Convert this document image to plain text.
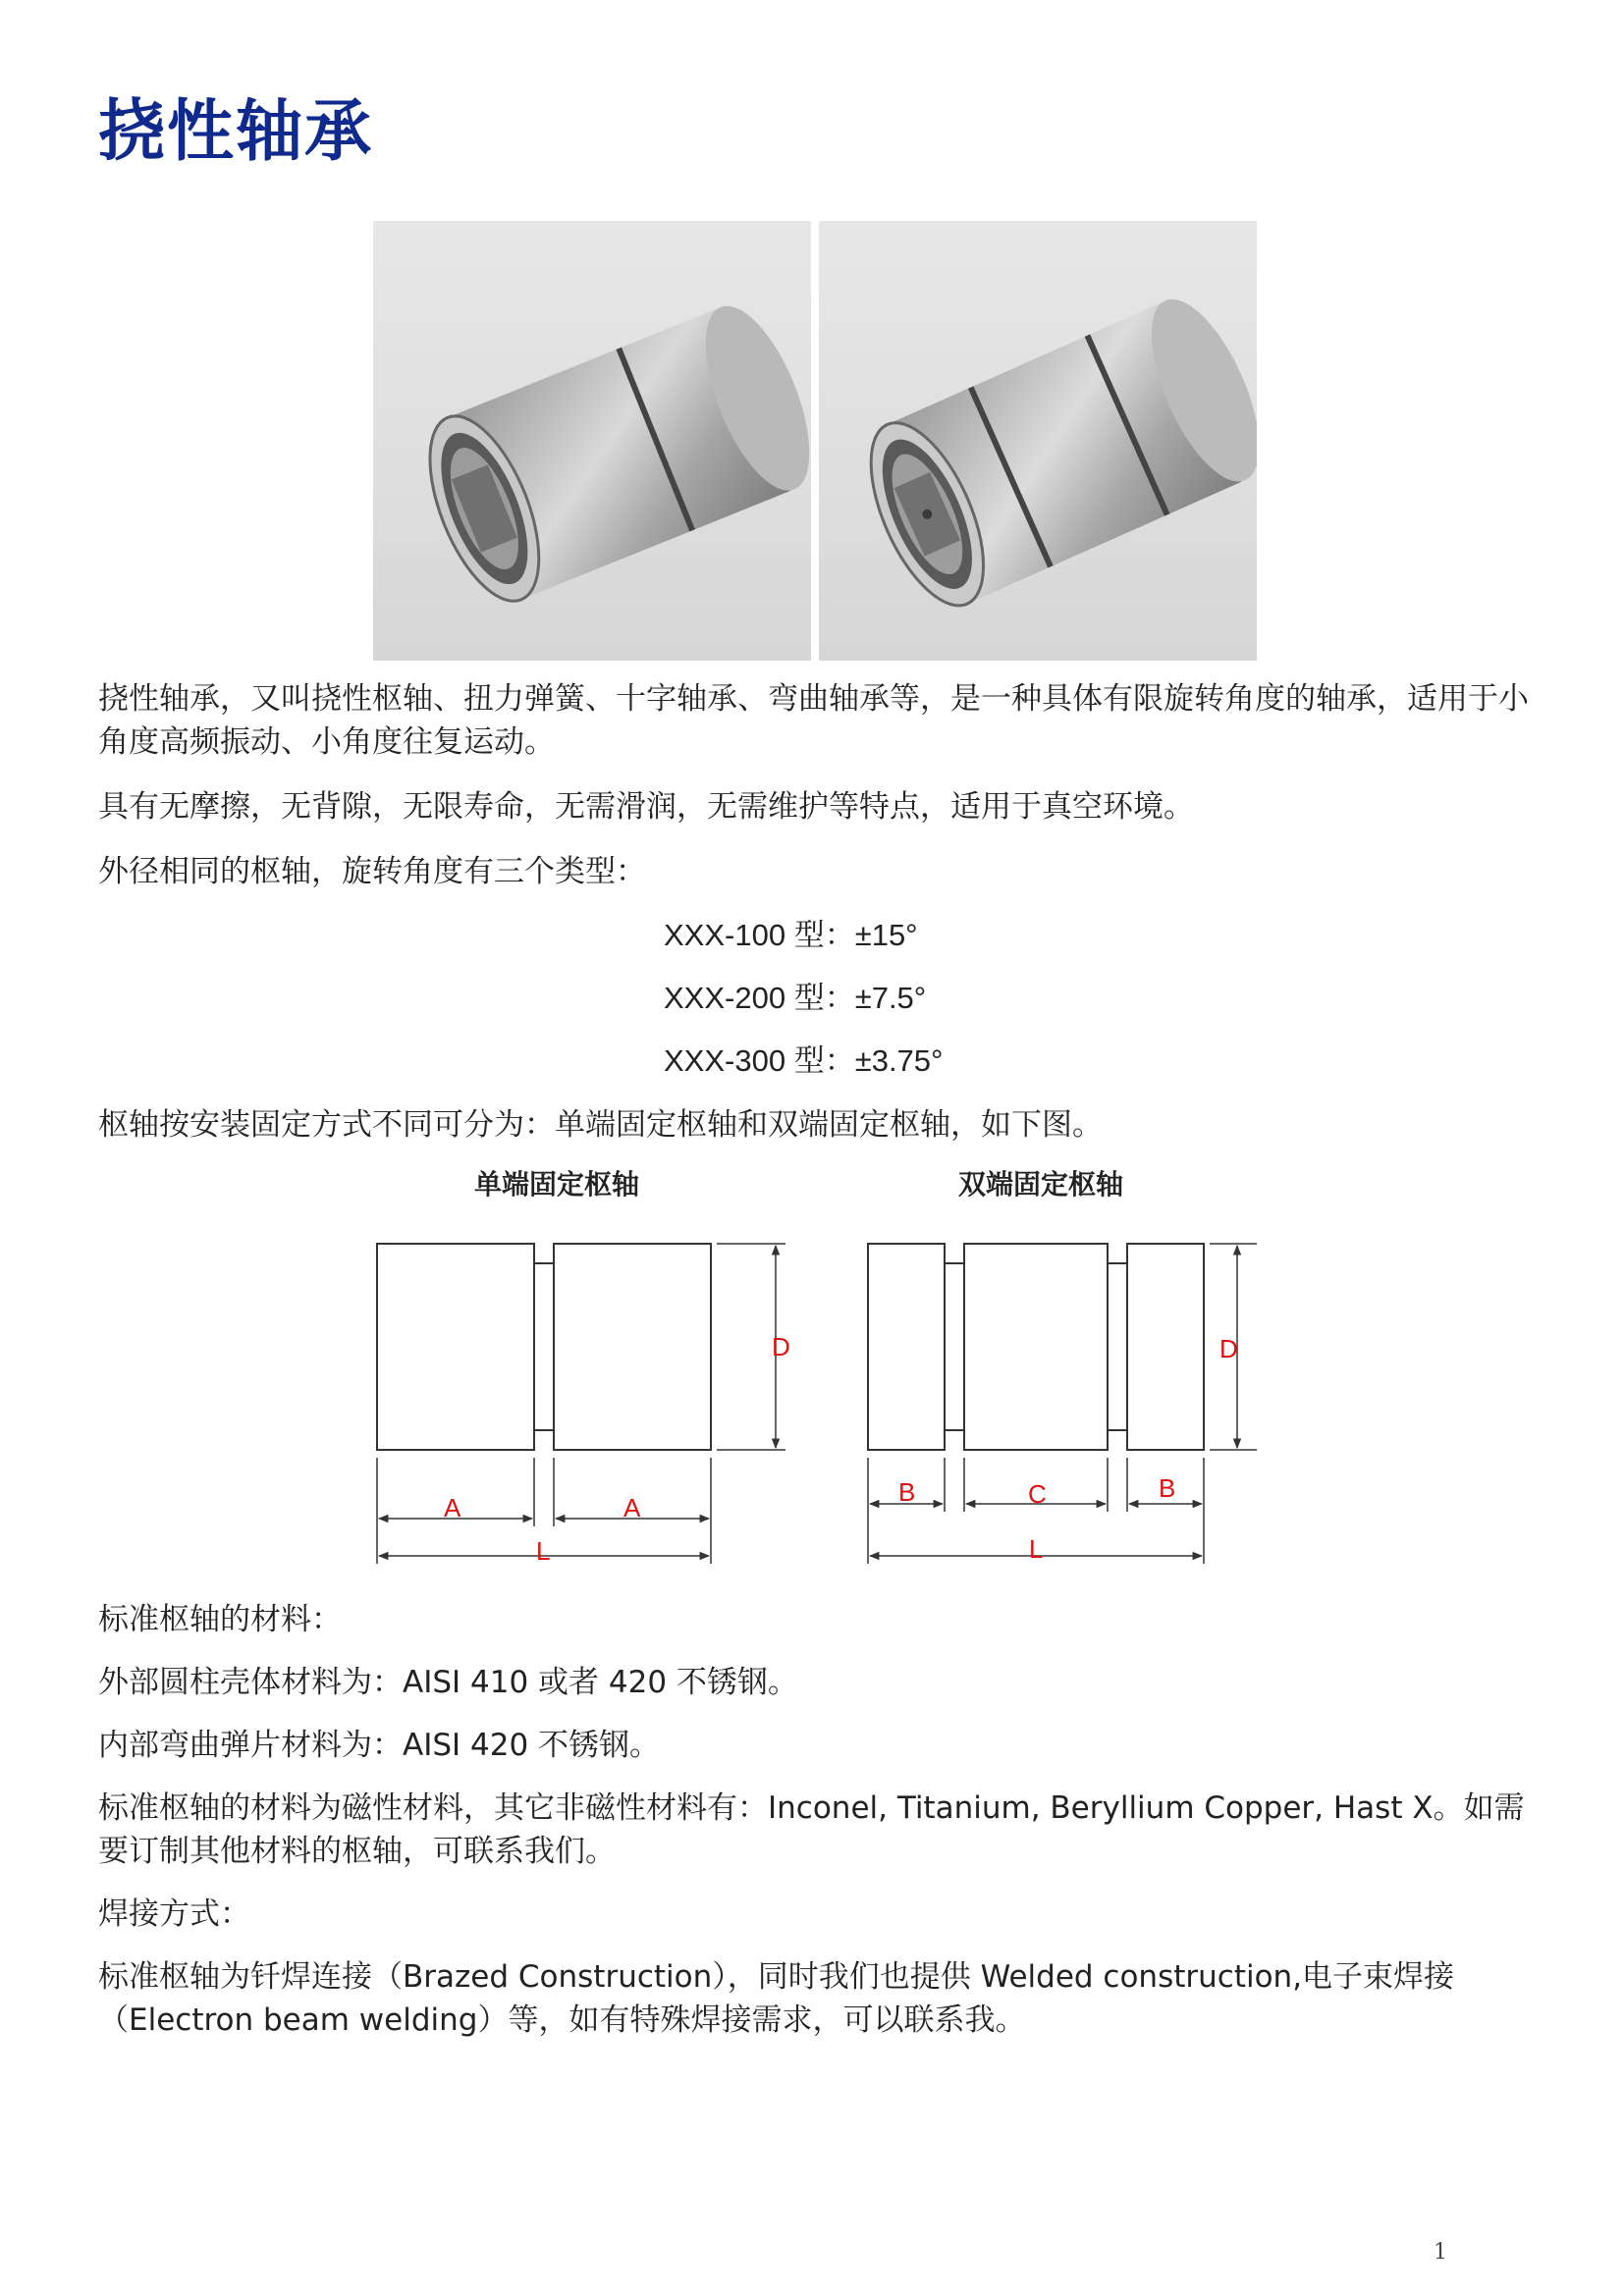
挠性轴承

挠性轴承，又叫挠性枢轴、扭力弹簧、十字轴承、弯曲轴承等，是一种具体有限旋转角度的轴承，适用于小角度高频振动、小角度往复运动。

具有无摩擦，无背隙，无限寿命，无需滑润，无需维护等特点，适用于真空环境。

外径相同的枢轴，旋转角度有三个类型：

XXX-100 型：±15°

XXX-200 型：±7.5°

XXX-300 型：±3.75°

枢轴按安装固定方式不同可分为：单端固定枢轴和双端固定枢轴，如下图。

单端固定枢轴	双端固定枢轴

A	A
L
D
B	C	B
L
D

标准枢轴的材料：

外部圆柱壳体材料为：AISI 410 或者 420 不锈钢。

内部弯曲弹片材料为：AISI 420 不锈钢。

标准枢轴的材料为磁性材料，其它非磁性材料有：Inconel, Titanium, Beryllium Copper, Hast X。如需要订制其他材料的枢轴，可联系我们。

焊接方式：

标准枢轴为钎焊连接（Brazed Construction），同时我们也提供 Welded construction,电子束焊接（Electron beam welding）等，如有特殊焊接需求，可以联系我。

1
